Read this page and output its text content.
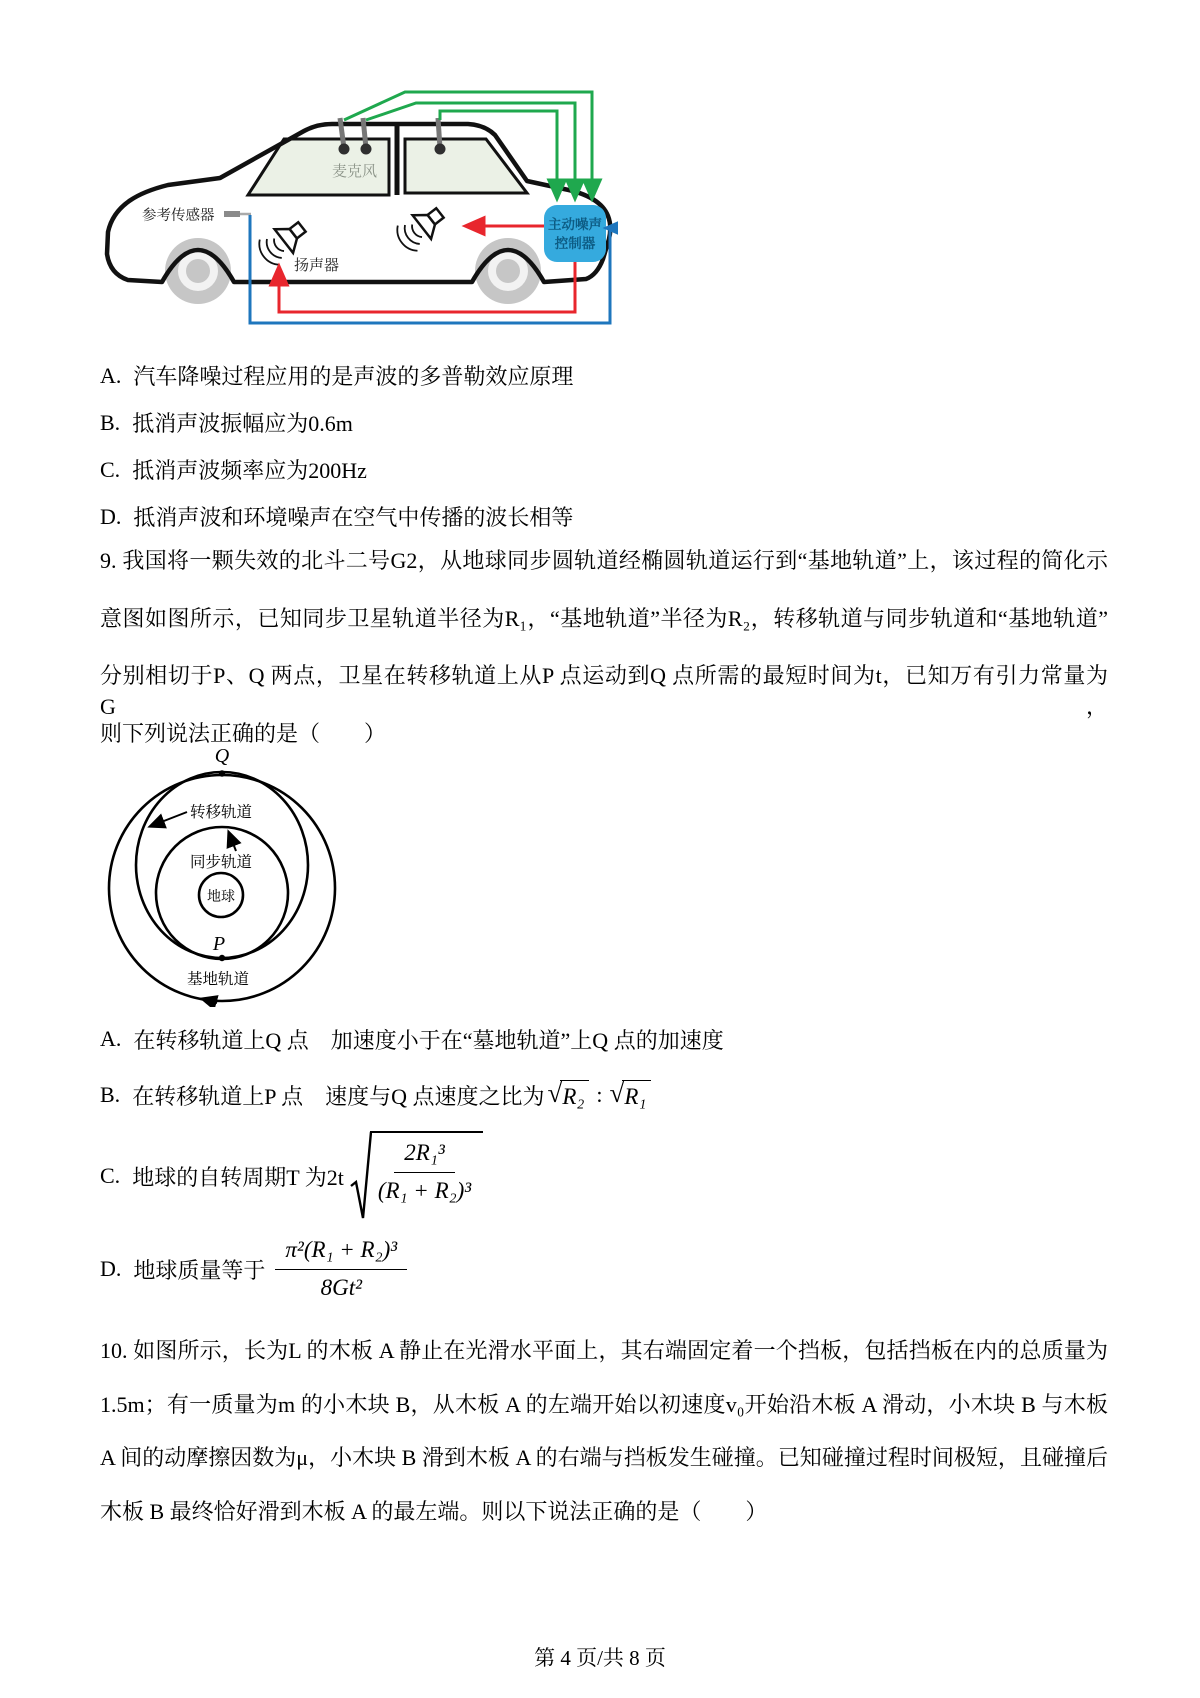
麦克风
参考传感器
扬声器
主动噪声
控制器
A. 汽车降噪过程应用的是声波的多普勒效应原理
B. 抵消声波振幅应为0.6m
C. 抵消声波频率应为200Hz
D. 抵消声波和环境噪声在空气中传播的波长相等
9. 我国将一颗失效的北斗二号G2，从地球同步圆轨道经椭圆轨道运行到“基地轨道”上，该过程的简化示
意图如图所示，已知同步卫星轨道半径为R₁，“基地轨道”半径为R₂，转移轨道与同步轨道和“基地轨道”
分别相切于P、Q 两点，卫星在转移轨道上从P 点运动到Q 点所需的最短时间为t，已知万有引力常量为G，
则下列说法正确的是（　　）
Q
P
转移轨道
同步轨道
地球
基地轨道
A. 在转移轨道上Q 点　加速度小于在“墓地轨道”上Q 点的加速度
B. 在转移轨道上P 点　速度与Q 点速度之比为 √ R₂ : √ R₁
C. 地球的自转周期T 为$2t \frac{\text{2R₁³}}{\text{(R₁ + R₂)³}}$
D. 地球质量等于 $\frac{\text{π²(R₁ + R₂)³}}{\text{8Gt²}}$
10. 如图所示，长为L 的木板 A 静止在光滑水平面上，其右端固定着一个挡板，包括挡板在内的总质量为
1.5m；有一质量为m 的小木块 B，从木板 A 的左端开始以初速度v₀开始沿木板 A 滑动，小木块 B 与木板
A 间的动摩擦因数为μ，小木块 B 滑到木板 A 的右端与挡板发生碰撞。已知碰撞过程时间极短，且碰撞后
木板 B 最终恰好滑到木板 A 的最左端。则以下说法正确的是（　　）
第 4 页/共 8 页
